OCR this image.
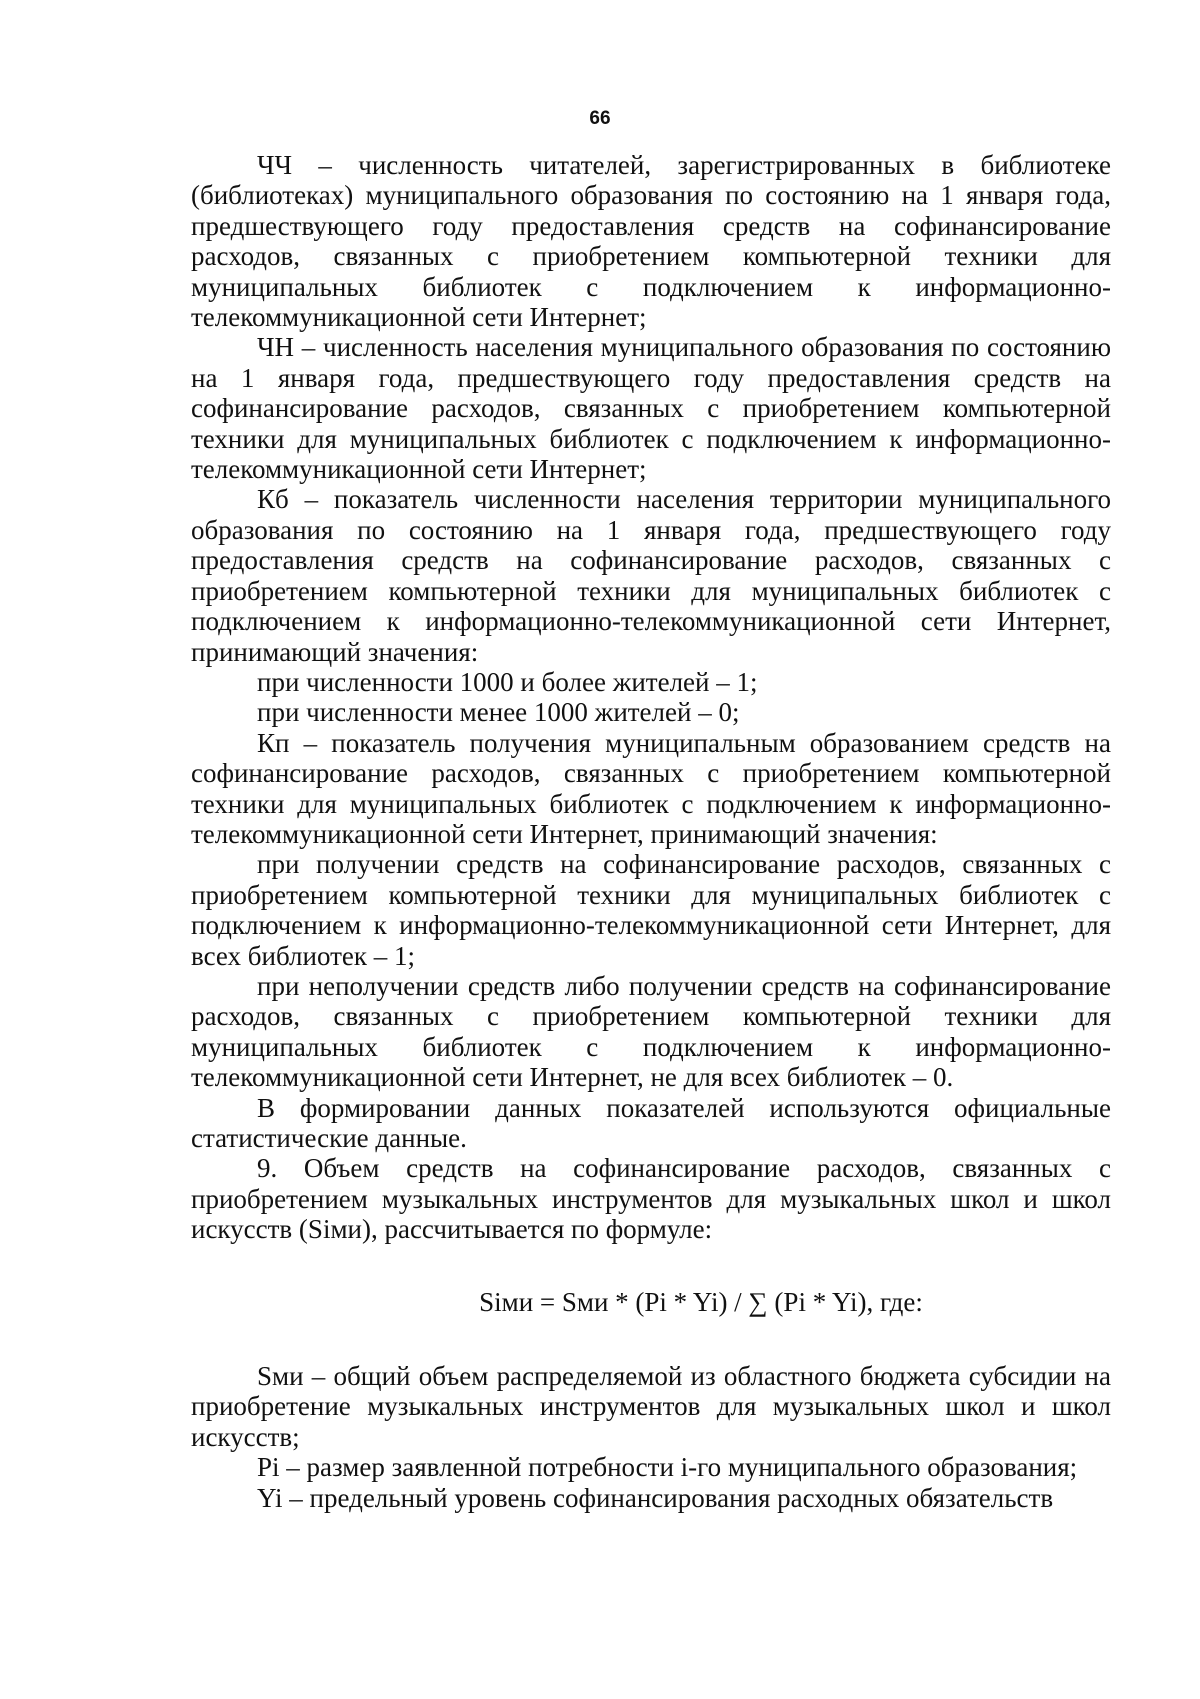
66

ЧЧ – численность читателей, зарегистрированных в библиотеке (библиотеках) муниципального образования по состоянию на 1 января года, предшествующего году предоставления средств на софинансирование расходов, связанных с приобретением компьютерной техники для муниципальных библиотек с подключением к информационно-телекоммуникационной сети Интернет;

ЧН – численность населения муниципального образования по состоянию на 1 января года, предшествующего году предоставления средств на софинансирование расходов, связанных с приобретением компьютерной техники для муниципальных библиотек с подключением к информационно-телекоммуникационной сети Интернет;

Кб – показатель численности населения территории муниципального образования по состоянию на 1 января года, предшествующего году предоставления средств на софинансирование расходов, связанных с приобретением компьютерной техники для муниципальных библиотек с подключением к информационно-телекоммуникационной сети Интернет, принимающий значения:

при численности 1000 и более жителей – 1;

при численности менее 1000 жителей – 0;

Кп – показатель получения муниципальным образованием средств на софинансирование расходов, связанных с приобретением компьютерной техники для муниципальных библиотек с подключением к информационно-телекоммуникационной сети Интернет, принимающий значения:

при получении средств на софинансирование расходов, связанных с приобретением компьютерной техники для муниципальных библиотек с подключением к информационно-телекоммуникационной сети Интернет, для всех библиотек – 1;

при неполучении средств либо получении средств на софинансирование расходов, связанных с приобретением компьютерной техники для муниципальных библиотек с подключением к информационно-телекоммуникационной сети Интернет, не для всех библиотек – 0.

В формировании данных показателей используются официальные статистические данные.

9. Объем средств на софинансирование расходов, связанных с приобретением музыкальных инструментов для музыкальных школ и школ искусств (Siми), рассчитывается по формуле:

Siми = Sми * (Pi * Yi) / ∑ (Pi * Yi), где:

Sми – общий объем распределяемой из областного бюджета субсидии на приобретение музыкальных инструментов для музыкальных школ и школ искусств;

Pi – размер заявленной потребности i-го муниципального образования;

Yi – предельный уровень софинансирования расходных обязательств
